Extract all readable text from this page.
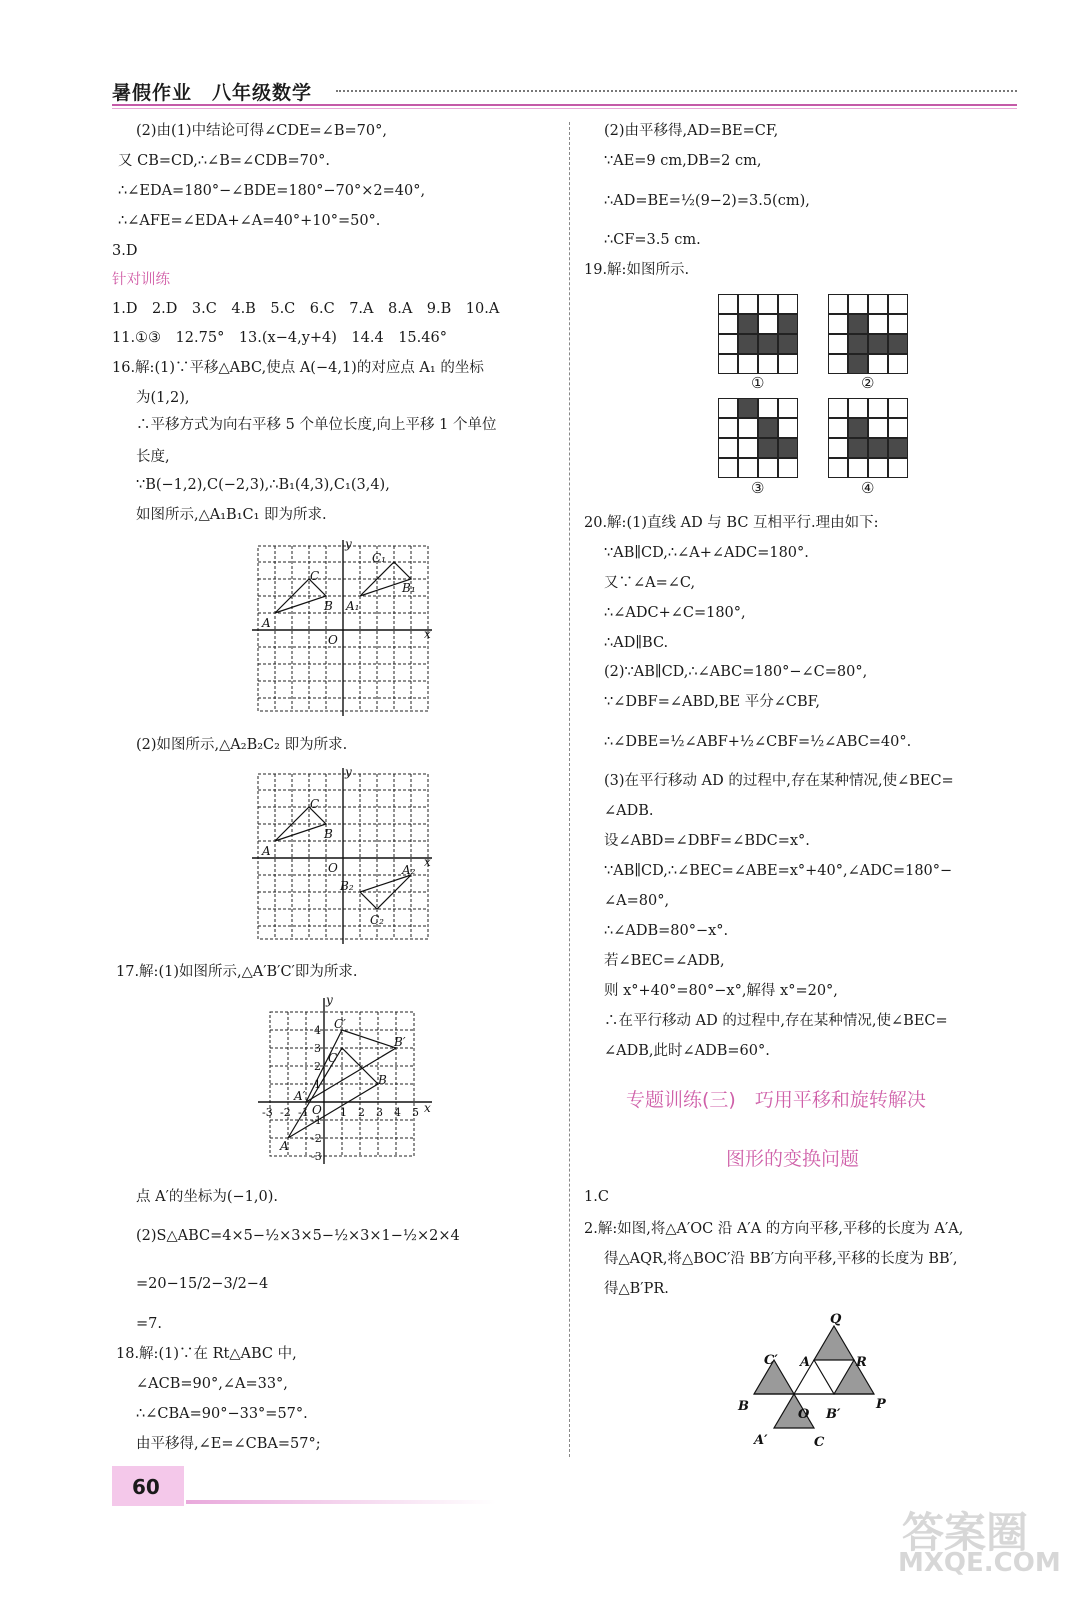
暑假作业　八年级数学
(2)由(1)中结论可得∠CDE=∠B=70°,
又 CB=CD,∴∠B=∠CDB=70°.
∴∠EDA=180°−∠BDE=180°−70°×2=40°,
∴∠AFE=∠EDA+∠A=40°+10°=50°.
3.D
针对训练
1.D　2.D　3.C　4.B　5.C　6.C　7.A　8.A　9.B　10.A
11.①③　12.75°　13.(x−4,y+4)　14.4　15.46°
16.解:(1)∵平移△ABC,使点 A(−4,1)的对应点 A₁ 的坐标
为(1,2),
∴平移方式为向右平移 5 个单位长度,向上平移 1 个单位
长度,
∵B(−1,2),C(−2,3),∴B₁(4,3),C₁(3,4),
如图所示,△A₁B₁C₁ 即为所求.
y
C₁
C
B₁
A₁
B
A
O	x
(2)如图所示,△A₂B₂C₂ 即为所求.
y
C
B
A
O	A₂
B₂
C₂
x
17.解:(1)如图所示,△A′B′C′即为所求.
y
C′
B′
C
B
A′
A
O	x
-3 -2 -1	1 2 3 4 5
4
3
2
1
-1
-2
-3
点 A′的坐标为(−1,0).
(2)S△ABC=4×5−½×3×5−½×3×1−½×2×4
=20−15/2−3/2−4
=7.
18.解:(1)∵在 Rt△ABC 中,
∠ACB=90°,∠A=33°,
∴∠CBA=90°−33°=57°.
由平移得,∠E=∠CBA=57°;
(2)由平移得,AD=BE=CF,
∵AE=9 cm,DB=2 cm,
∴AD=BE=½(9−2)=3.5(cm),
∴CF=3.5 cm.
19.解:如图所示.
①	②
③	④
20.解:(1)直线 AD 与 BC 互相平行.理由如下:
∵AB∥CD,∴∠A+∠ADC=180°.
又∵∠A=∠C,
∴∠ADC+∠C=180°,
∴AD∥BC.
(2)∵AB∥CD,∴∠ABC=180°−∠C=80°,
∵∠DBF=∠ABD,BE 平分∠CBF,
∴∠DBE=½∠ABF+½∠CBF=½∠ABC=40°.
(3)在平行移动 AD 的过程中,存在某种情况,使∠BEC=
∠ADB.
设∠ABD=∠DBF=∠BDC=x°.
∵AB∥CD,∴∠BEC=∠ABE=x°+40°,∠ADC=180°−
∠A=80°,
∴∠ADB=80°−x°.
若∠BEC=∠ADB,
则 x°+40°=80°−x°,解得 x°=20°,
∴在平行移动 AD 的过程中,存在某种情况,使∠BEC=
∠ADB,此时∠ADB=60°.
专题训练(三)　巧用平移和旋转解决
图形的变换问题
1.C
2.解:如图,将△A′OC 沿 A′A 的方向平移,平移的长度为 A′A,
得△AQR,将△BOC′沿 BB′方向平移,平移的长度为 BB′,
得△B′PR.
Q
C′ A	R
B
O B′
P
A′	C
60
答案圈
MXQE.COM
